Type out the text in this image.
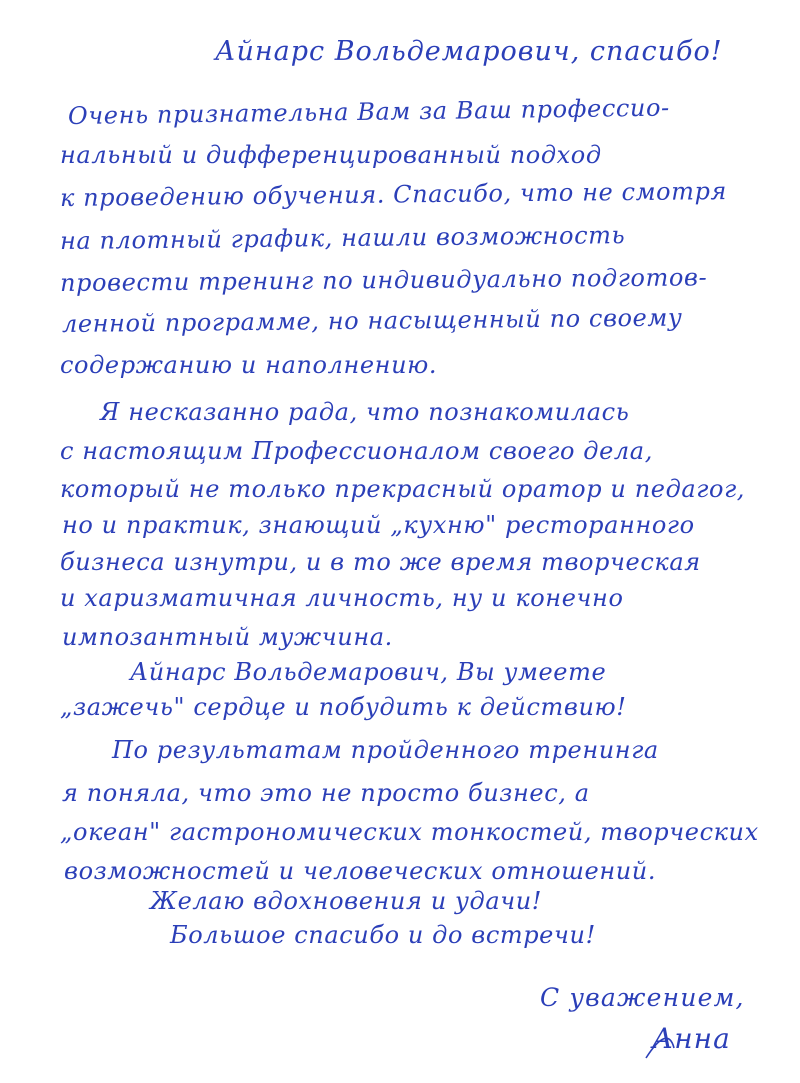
Айнарс Вольдемарович, спасибо!
Очень признательна Вам за Ваш профессио-
нальный и дифференцированный подход
к проведению обучения. Спасибо, что не смотря
на плотный график, нашли возможность
провести тренинг по индивидуально подготов-
ленной программе, но насыщенный по своему
содержанию и наполнению.
Я несказанно рада, что познакомилась
с настоящим Профессионалом своего дела,
который не только прекрасный оратор и педагог,
но и практик, знающий „кухню" ресторанного
бизнеса изнутри, и в то же время творческая
и харизматичная личность, ну и конечно
импозантный мужчина.
Айнарс Вольдемарович, Вы умеете
„зажечь" сердце и побудить к действию!
По результатам пройденного тренинга
я поняла, что это не просто бизнес, а
„океан" гастрономических тонкостей, творческих
возможностей и человеческих отношений.
Желаю вдохновения и удачи!
Большое спасибо и до встречи!
С уважением,
Анна
